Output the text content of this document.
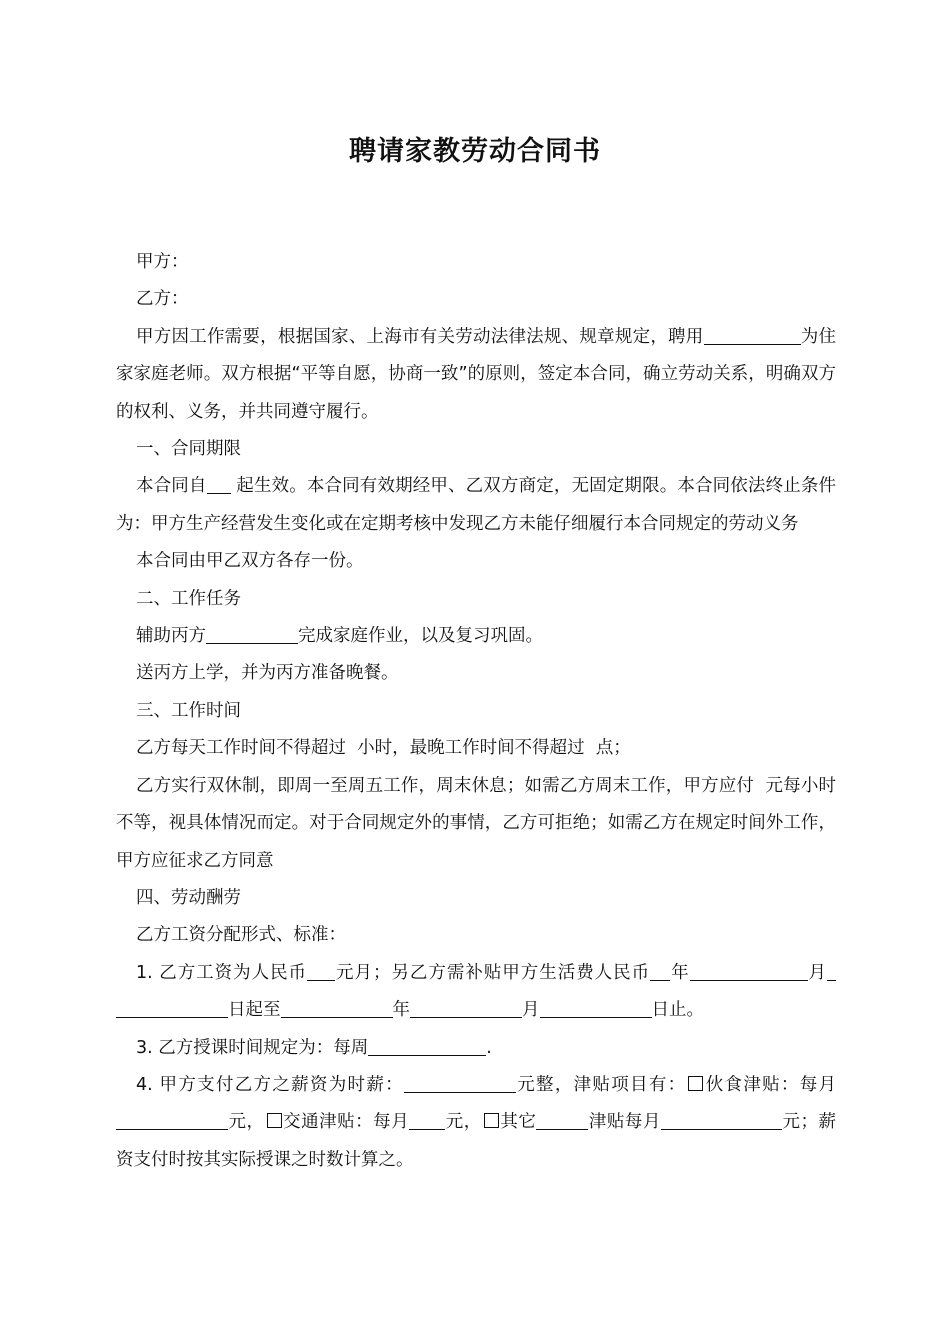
聘请家教劳动合同书

甲方：

乙方：

甲方因工作需要，根据国家、上海市有关劳动法律法规、规章规定，聘用	为住家家庭老师。双方根据“平等自愿，协商一致”的原则，签定本合同，确立劳动关系，明确双方的权利、义务，并共同遵守履行。

一、合同期限

本合同自 起生效。本合同有效期经甲、乙双方商定，无固定期限。本合同依法终止条件为：甲方生产经营发生变化或在定期考核中发现乙方未能仔细履行本合同规定的劳动义务

本合同由甲乙双方各存一份。

二、工作任务

辅助丙方	完成家庭作业，以及复习巩固。

送丙方上学，并为丙方准备晚餐。

三、工作时间

乙方每天工作时间不得超过  小时，最晚工作时间不得超过  点；

乙方实行双休制，即周一至周五工作，周末休息；如需乙方周末工作，甲方应付  元每小时不等，视具体情况而定。对于合同规定外的事情，乙方可拒绝；如需乙方在规定时间外工作，甲方应征求乙方同意

四、劳动酬劳

乙方工资分配形式、标准：

1. 乙方工资为人民币 元月；另乙方需补贴甲方生活费人民币 年	月日起至	年	月	日止。

3. 乙方授课时间规定为：每周	.

4. 甲方支付乙方之薪资为时薪：	元整，津贴项目有： 伙食津贴：每月元， 交通津贴：每月 元， 其它	津贴每月	元；薪资支付时按其实际授课之时数计算之。
